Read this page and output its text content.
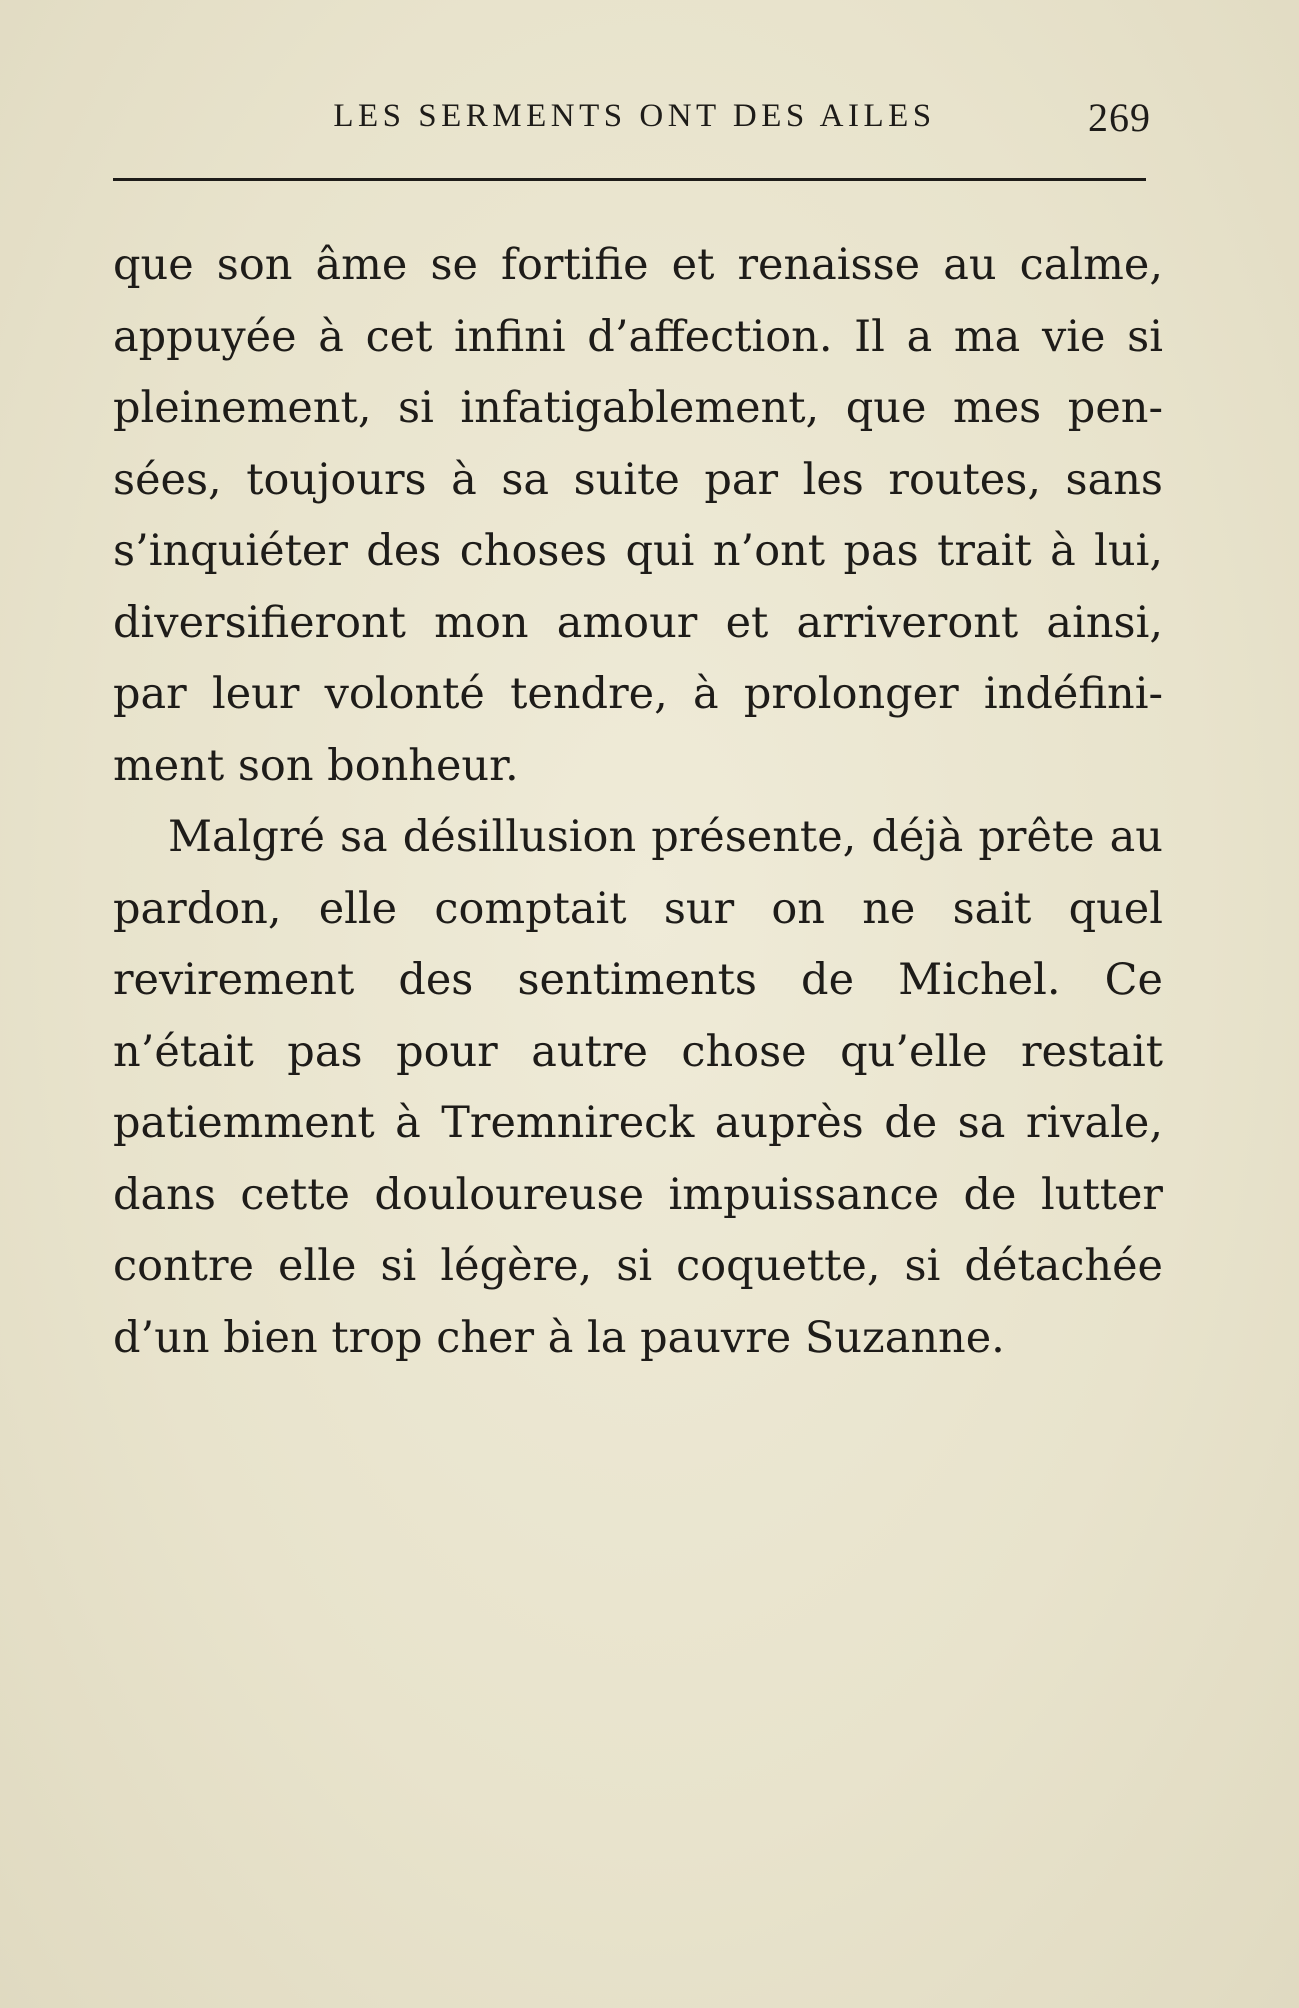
LES SERMENTS ONT DES AILES	269
que son âme se fortifie et renaisse au calme,
appuyée à cet infini d’affection. Il a ma vie si
pleinement, si infatigablement, que mes pen-
sées, toujours à sa suite par les routes, sans
s’inquiéter des choses qui n’ont pas trait à lui,
diversifieront mon amour et arriveront ainsi,
par leur volonté tendre, à prolonger indéfini-
ment son bonheur.
Malgré sa désillusion présente, déjà prête au
pardon, elle comptait sur on ne sait quel
revirement des sentiments de Michel. Ce
n’était pas pour autre chose qu’elle restait
patiemment à Tremnireck auprès de sa rivale,
dans cette douloureuse impuissance de lutter
contre elle si légère, si coquette, si détachée
d’un bien trop cher à la pauvre Suzanne.
